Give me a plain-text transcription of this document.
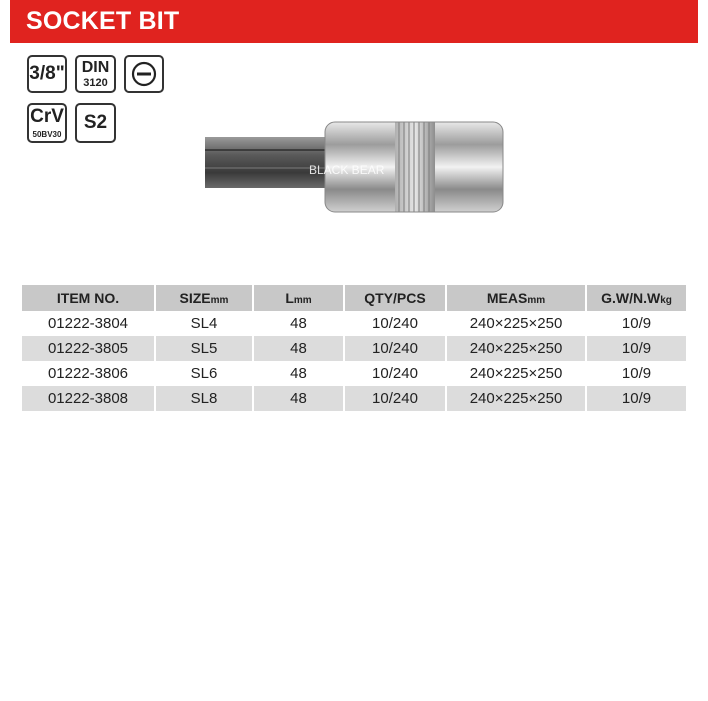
SOCKET BIT
3/8" DIN
3120
CrV
50BV30
S2
BLACK BEAR
ITEM NO.	SIZEmm	Lmm	QTY/PCS	MEASmm	G.W/N.Wkg
01222-3804	SL4	48	10/240	240×225×250	10/9
01222-3805	SL5	48	10/240	240×225×250	10/9
01222-3806	SL6	48	10/240	240×225×250	10/9
01222-3808	SL8	48	10/240	240×225×250	10/9
